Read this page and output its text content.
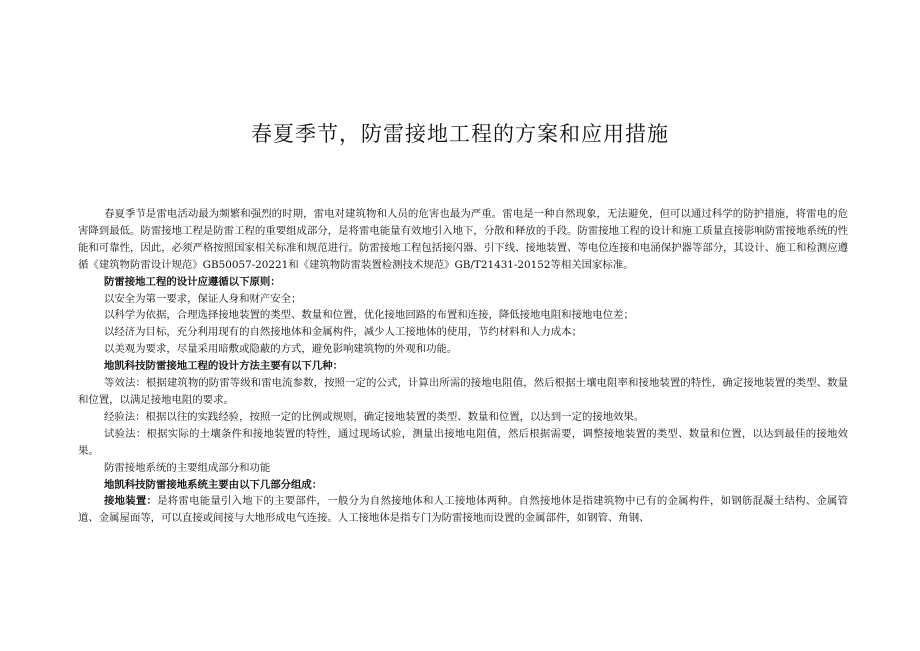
春夏季节，防雷接地工程的方案和应用措施

春夏季节是雷电活动最为频繁和强烈的时期，雷电对建筑物和人员的危害也最为严重。雷电是一种自然现象，无法避免，但可以通过科学的防护措施，将雷电的危害降到最低。防雷接地工程是防雷工程的重要组成部分，是将雷电能量有效地引入地下，分散和释放的手段。防雷接地工程的设计和施工质量直接影响防雷接地系统的性能和可靠性，因此，必须严格按照国家相关标准和规范进行。防雷接地工程包括接闪器、引下线、接地装置、等电位连接和电涌保护器等部分，其设计、施工和检测应遵循《建筑物防雷设计规范》GB50057-20221和《建筑物防雷装置检测技术规范》GB/T21431-20152等相关国家标准。

防雷接地工程的设计应遵循以下原则：

以安全为第一要求，保证人身和财产安全；

以科学为依据，合理选择接地装置的类型、数量和位置，优化接地回路的布置和连接，降低接地电阻和接地电位差；

以经济为目标，充分利用现有的自然接地体和金属构件，减少人工接地体的使用，节约材料和人力成本；

以美观为要求，尽量采用暗敷或隐蔽的方式，避免影响建筑物的外观和功能。

地凯科技防雷接地工程的设计方法主要有以下几种：

等效法：根据建筑物的防雷等级和雷电流参数，按照一定的公式，计算出所需的接地电阻值，然后根据土壤电阻率和接地装置的特性，确定接地装置的类型、数量和位置，以满足接地电阻的要求。

经验法：根据以往的实践经验，按照一定的比例或规则，确定接地装置的类型、数量和位置，以达到一定的接地效果。

试验法：根据实际的土壤条件和接地装置的特性，通过现场试验，测量出接地电阻值，然后根据需要，调整接地装置的类型、数量和位置，以达到最佳的接地效果。

防雷接地系统的主要组成部分和功能

地凯科技防雷接地系统主要由以下几部分组成：

接地装置：是将雷电能量引入地下的主要部件，一般分为自然接地体和人工接地体两种。自然接地体是指建筑物中已有的金属构件，如钢筋混凝土结构、金属管道、金属屋面等，可以直接或间接与大地形成电气连接。人工接地体是指专门为防雷接地而设置的金属部件，如钢管、角钢、
